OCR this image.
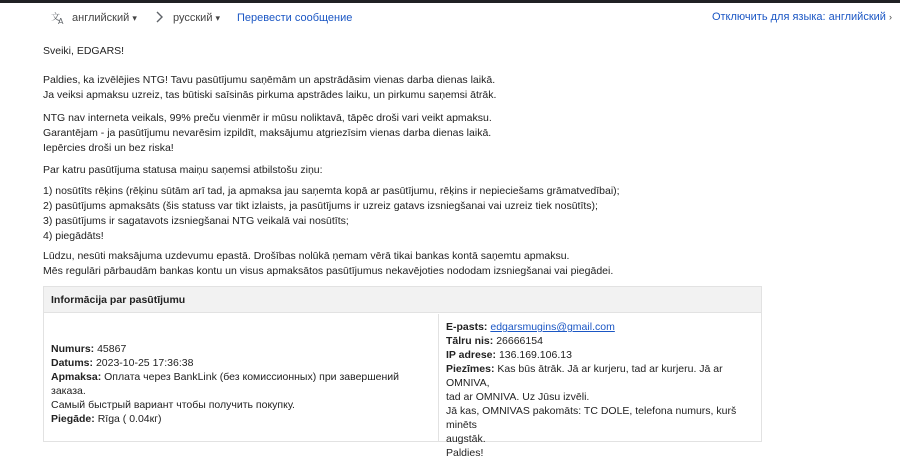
文
A английский ▾	русский ▾ Перевести сообщение	Отключить для языка: английский ›
Sveiki, EDGARS!
Paldies, ka izvēlējies NTG! Tavu pasūtījumu saņēmām un apstrādāsim vienas darba dienas laikā.
Ja veiksi apmaksu uzreiz, tas būtiski saīsinās pirkuma apstrādes laiku, un pirkumu saņemsi ātrāk.
NTG nav interneta veikals, 99% preču vienmēr ir mūsu noliktavā, tāpēc droši vari veikt apmaksu.
Garantējam - ja pasūtījumu nevarēsim izpildīt, maksājumu atgriezīsim vienas darba dienas laikā.
Iepērcies droši un bez riska!
Par katru pasūtījuma statusa maiņu saņemsi atbilstošu ziņu:
1) nosūtīts rēķins (rēķinu sūtām arī tad, ja apmaksa jau saņemta kopā ar pasūtījumu, rēķins ir nepieciešams grāmatvedībai);
2) pasūtījums apmaksāts (šis statuss var tikt izlaists, ja pasūtījums ir uzreiz gatavs izsniegšanai vai uzreiz tiek nosūtīts);
3) pasūtījums ir sagatavots izsniegšanai NTG veikalā vai nosūtīts;
4) piegādāts!
Lūdzu, nesūti maksājuma uzdevumu epastā. Drošības nolūkā ņemam vērā tikai bankas kontā saņemtu apmaksu.
Mēs regulāri pārbaudām bankas kontu un visus apmaksātos pasūtījumus nekavējoties nododam izsniegšanai vai piegādei.
Informācija par pasūtījumu
Numurs: 45867
Datums: 2023-10-25 17:36:38
Apmaksa: Оплата через BankLink (без комиссионных) при завершений заказа.
Самый быстрый вариант чтобы получить покупку.
Piegāde: Rīga ( 0.04кг)
E-pasts: edgarsmugins@gmail.com
Tālru nis: 26666154
IP adrese: 136.169.106.13
Piezīmes: Kas būs ātrāk. Jā ar kurjeru, tad ar kurjeru. Jā ar OMNIVA,
tad ar OMNIVA. Uz Jūsu izvēli.
Jā kas, OMNIVAS pakomāts: TC DOLE, telefona numurs, kurš minēts
augstāk.
Paldies!
